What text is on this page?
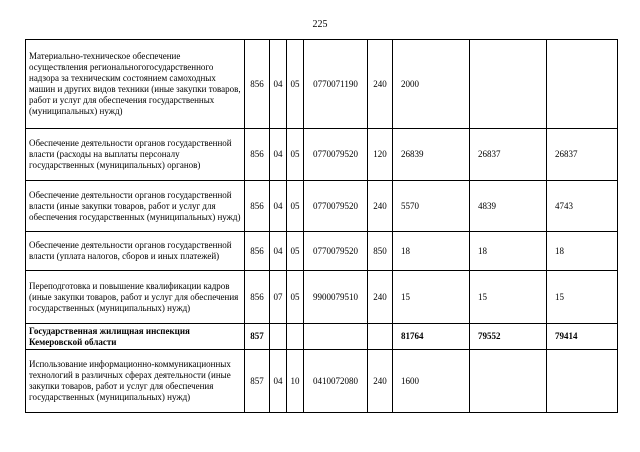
225
Материально-техническое обеспечение осуществления региональногогосударственного надзора за техническим состоянием самоходных машин и других видов техники (иные закупки товаров, работ и услуг для обеспечения государственных (муниципальных) нужд)	856	04	05	0770071190	240	2000		
Обеспечение деятельности органов государственной власти (расходы на выплаты персоналу государственных (муниципальных) органов)	856	04	05	0770079520	120	26839	26837	26837
Обеспечение деятельности органов государственной власти (иные закупки товаров, работ и услуг для обеспечения государственных (муниципальных) нужд)	856	04	05	0770079520	240	5570	4839	4743
Обеспечение деятельности органов государственной власти (уплата налогов, сборов и иных платежей)	856	04	05	0770079520	850	18	18	18
Переподготовка и повышение квалификации кадров (иные закупки товаров, работ и услуг для обеспечения государственных (муниципальных) нужд)	856	07	05	9900079510	240	15	15	15
Государственная жилищная инспекция Кемеровской области	857					81764	79552	79414
Использование информационно-коммуникационных технологий в различных сферах деятельности (иные закупки товаров, работ и услуг для обеспечения государственных (муниципальных) нужд)	857	04	10	0410072080	240	1600		
